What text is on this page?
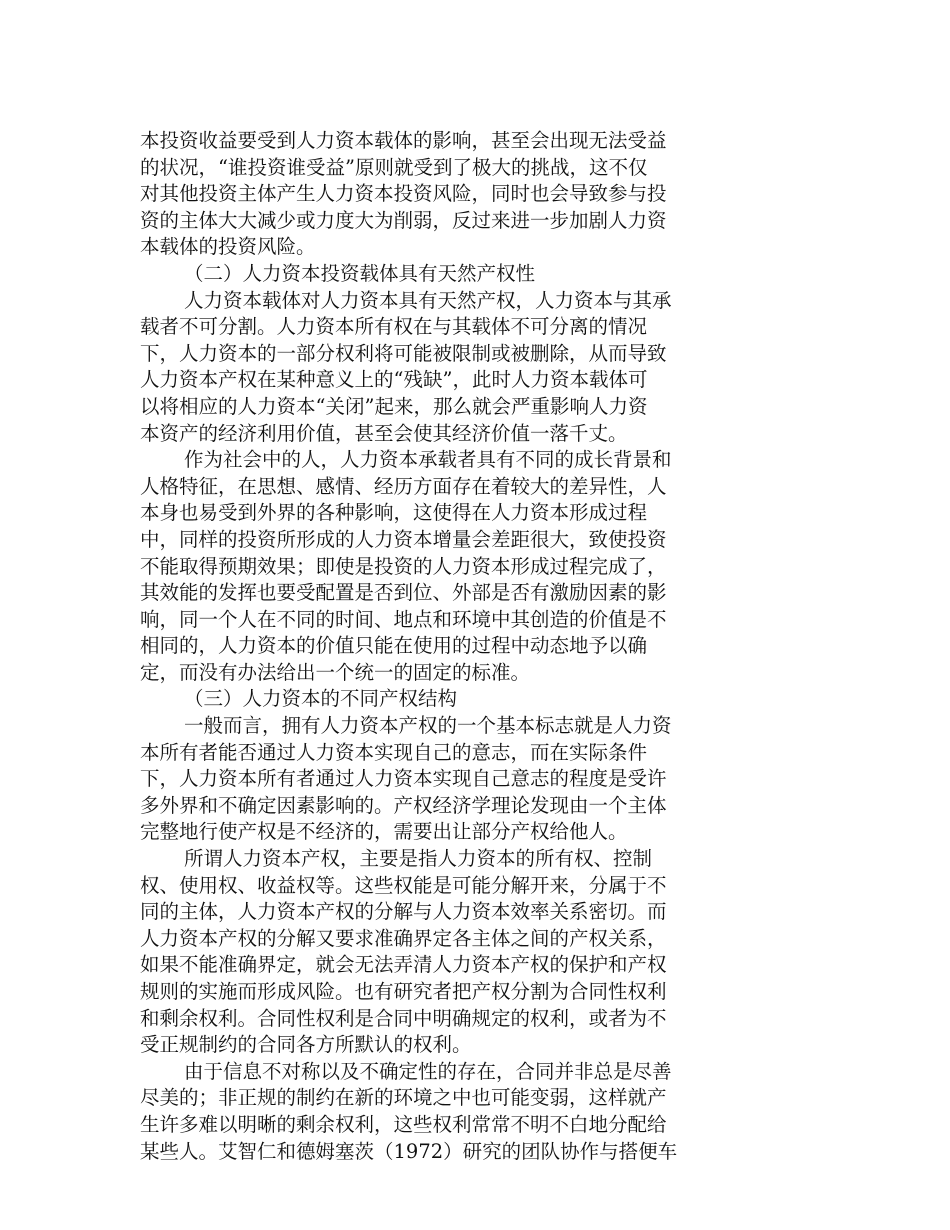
本投资收益要受到人力资本载体的影响，甚至会出现无法受益
的状况，“谁投资谁受益”原则就受到了极大的挑战，这不仅
对其他投资主体产生人力资本投资风险，同时也会导致参与投
资的主体大大减少或力度大为削弱，反过来进一步加剧人力资
本载体的投资风险。
（二）人力资本投资载体具有天然产权性
人力资本载体对人力资本具有天然产权，人力资本与其承
载者不可分割。人力资本所有权在与其载体不可分离的情况
下，人力资本的一部分权利将可能被限制或被删除，从而导致
人力资本产权在某种意义上的“残缺”，此时人力资本载体可
以将相应的人力资本“关闭”起来，那么就会严重影响人力资
本资产的经济利用价值，甚至会使其经济价值一落千丈。
作为社会中的人，人力资本承载者具有不同的成长背景和
人格特征，在思想、感情、经历方面存在着较大的差异性，人
本身也易受到外界的各种影响，这使得在人力资本形成过程
中，同样的投资所形成的人力资本增量会差距很大，致使投资
不能取得预期效果；即使是投资的人力资本形成过程完成了，
其效能的发挥也要受配置是否到位、外部是否有激励因素的影
响，同一个人在不同的时间、地点和环境中其创造的价值是不
相同的，人力资本的价值只能在使用的过程中动态地予以确
定，而没有办法给出一个统一的固定的标准。
（三）人力资本的不同产权结构
一般而言，拥有人力资本产权的一个基本标志就是人力资
本所有者能否通过人力资本实现自己的意志，而在实际条件
下，人力资本所有者通过人力资本实现自己意志的程度是受许
多外界和不确定因素影响的。产权经济学理论发现由一个主体
完整地行使产权是不经济的，需要出让部分产权给他人。
所谓人力资本产权，主要是指人力资本的所有权、控制
权、使用权、收益权等。这些权能是可能分解开来，分属于不
同的主体，人力资本产权的分解与人力资本效率关系密切。而
人力资本产权的分解又要求准确界定各主体之间的产权关系，
如果不能准确界定，就会无法弄清人力资本产权的保护和产权
规则的实施而形成风险。也有研究者把产权分割为合同性权利
和剩余权利。合同性权利是合同中明确规定的权利，或者为不
受正规制约的合同各方所默认的权利。
由于信息不对称以及不确定性的存在，合同并非总是尽善
尽美的；非正规的制约在新的环境之中也可能变弱，这样就产
生许多难以明晰的剩余权利，这些权利常常不明不白地分配给
某些人。艾智仁和德姆塞茨（1972）研究的团队协作与搭便车
